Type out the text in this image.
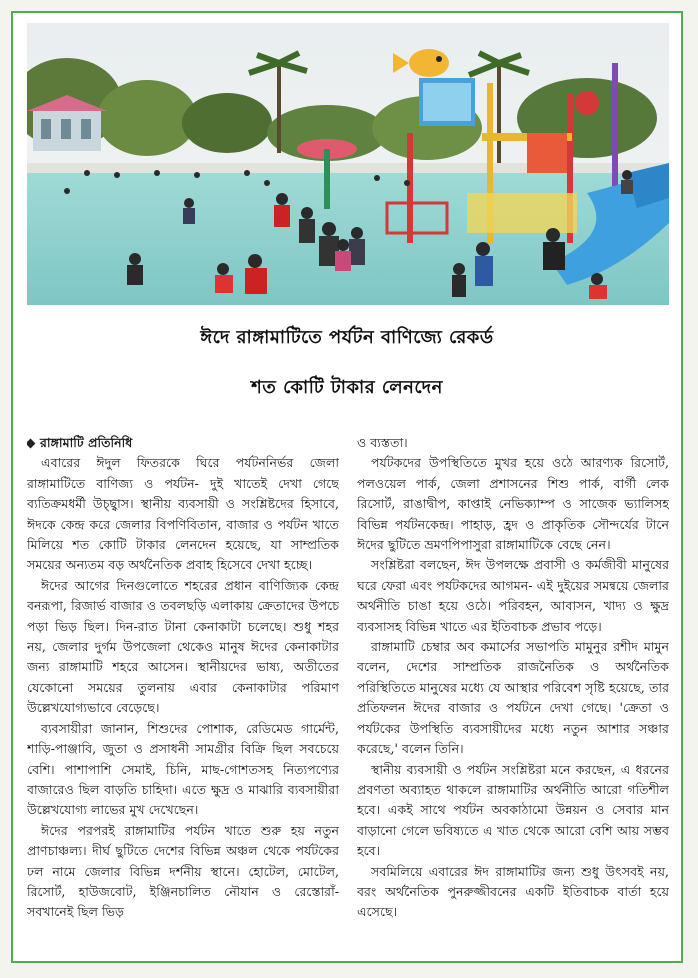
ঈদে রাঙ্গামাটিতে পর্যটন বাণিজ্যে রেকর্ড
শত কোটি টাকার লেনদেন
রাঙ্গামাটি প্রতিনিধি

এবারের ঈদুল ফিতরকে ঘিরে পর্যটননির্ভর জেলা রাঙ্গামাটিতে বাণিজ্য ও পর্যটন- দুই খাতেই দেখা গেছে ব্যতিক্রমধর্মী উচ্ছ্বাস। স্থানীয় ব্যবসায়ী ও সংশ্লিষ্টদের হিসাবে, ঈদকে কেন্দ্র করে জেলার বিপণিবিতান, বাজার ও পর্যটন খাতে মিলিয়ে শত কোটি টাকার লেনদেন হয়েছে, যা সাম্প্রতিক সময়ের অন্যতম বড় অর্থনৈতিক প্রবাহ হিসেবে দেখা হচ্ছে।

ঈদের আগের দিনগুলোতে শহরের প্রধান বাণিজ্যিক কেন্দ্র বনরূপা, রিজার্ভ বাজার ও তবলছড়ি এলাকায় ক্রেতাদের উপচে পড়া ভিড় ছিল। দিন-রাত টানা কেনাকাটা চলেছে। শুধু শহর নয়, জেলার দুর্গম উপজেলা থেকেও মানুষ ঈদের কেনাকাটার জন্য রাঙ্গামাটি শহরে আসেন। স্থানীয়দের ভাষ্য, অতীতের যেকোনো সময়ের তুলনায় এবার কেনাকাটার পরিমাণ উল্লেখযোগ্যভাবে বেড়েছে।

ব্যবসায়ীরা জানান, শিশুদের পোশাক, রেডিমেড গার্মেন্ট, শাড়ি-পাঞ্জাবি, জুতা ও প্রসাধনী সামগ্রীর বিক্রি ছিল সবচেয়ে বেশি। পাশাপাশি সেমাই, চিনি, মাছ-গোশতসহ নিত্যপণ্যের বাজারেও ছিল বাড়তি চাহিদা। এতে ক্ষুদ্র ও মাঝারি ব্যবসায়ীরা উল্লেখযোগ্য লাভের মুখ দেখেছেন।

ঈদের পরপরই রাঙ্গামাটির পর্যটন খাতে শুরু হয় নতুন প্রাণচাঞ্চল্য। দীর্ঘ ছুটিতে দেশের বিভিন্ন অঞ্চল থেকে পর্যটকের ঢল নামে জেলার বিভিন্ন দর্শনীয় স্থানে। হোটেল, মোটেল, রিসোর্ট, হাউজবোট, ইঞ্জিনচালিত নৌযান ও রেস্তোরাঁ- সবখানেই ছিল ভিড়

ও ব্যস্ততা।

পর্যটকদের উপস্থিতিতে মুখর হয়ে ওঠে আরণ্যক রিসোর্ট, পলওয়েল পার্ক, জেলা প্রশাসনের শিশু পার্ক, বার্গী লেক রিসোর্ট, রাঙাদ্বীপ, কাপ্তাই নেভিক্যাম্প ও সাজেক ভ্যালিসহ বিভিন্ন পর্যটনকেন্দ্র। পাহাড়, হ্রদ ও প্রাকৃতিক সৌন্দর্যের টানে ঈদের ছুটিতে ভ্রমণপিপাসুরা রাঙ্গামাটিকে বেছে নেন।

সংশ্লিষ্টরা বলছেন, ঈদ উপলক্ষে প্রবাসী ও কর্মজীবী মানুষের ঘরে ফেরা এবং পর্যটকদের আগমন- এই দুইয়ের সমন্বয়ে জেলার অর্থনীতি চাঙা হয়ে ওঠে। পরিবহন, আবাসন, খাদ্য ও ক্ষুদ্র ব্যবসাসহ বিভিন্ন খাতে এর ইতিবাচক প্রভাব পড়ে।

রাঙ্গামাটি চেম্বার অব কমার্সের সভাপতি মামুনুর রশীদ মামুন বলেন, দেশের সাম্প্রতিক রাজনৈতিক ও অর্থনৈতিক পরিস্থিতিতে মানুষের মধ্যে যে আস্থার পরিবেশ সৃষ্টি হয়েছে, তার প্রতিফলন ঈদের বাজার ও পর্যটনে দেখা গেছে। 'ক্রেতা ও পর্যটকের উপস্থিতি ব্যবসায়ীদের মধ্যে নতুন আশার সঞ্চার করেছে,' বলেন তিনি।

স্থানীয় ব্যবসায়ী ও পর্যটন সংশ্লিষ্টরা মনে করছেন, এ ধরনের প্রবণতা অব্যাহত থাকলে রাঙ্গামাটির অর্থনীতি আরো গতিশীল হবে। একই সাথে পর্যটন অবকাঠামো উন্নয়ন ও সেবার মান বাড়ানো গেলে ভবিষ্যতে এ খাত থেকে আরো বেশি আয় সম্ভব হবে।

সবমিলিয়ে এবারের ঈদ রাঙ্গামাটির জন্য শুধু উৎসবই নয়, বরং অর্থনৈতিক পুনরুজ্জীবনের একটি ইতিবাচক বার্তা হয়ে এসেছে।
